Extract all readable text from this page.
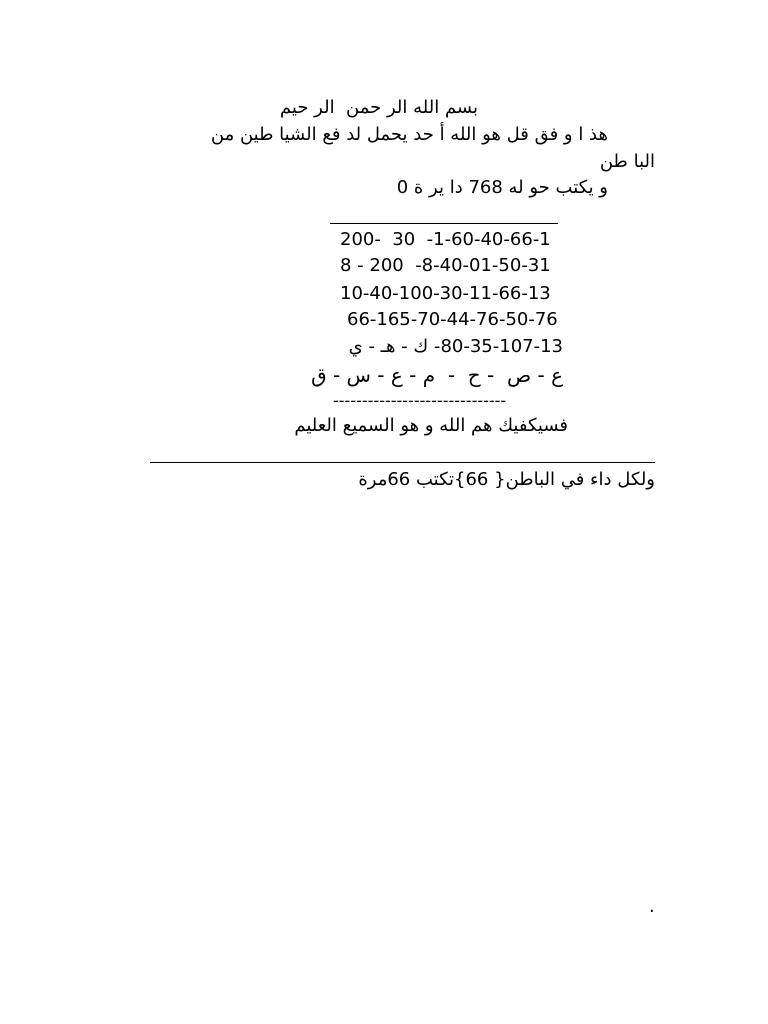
بسم الله الر حمن  الر حيم
هذ ا و فق قل هو الله أ حد يحمل لد فع الشيا طين من
البا طن
و يكتب حو له 768 دا ير ة 0
200-  30  -1-60-40-66-1
8 - 200  -8-40-01-50-31
10-40-100-30-11-66-13
66-165-70-44-76-50-76
80-35-107-13- ك - هـ - ي
ع - ص  - ح  -  م - ع - س - ق
------------------------------
فسيكفيك هم الله و هو السميع العليم
ولكل داء في الباطن{ 66}تكتب 66مرة
.
